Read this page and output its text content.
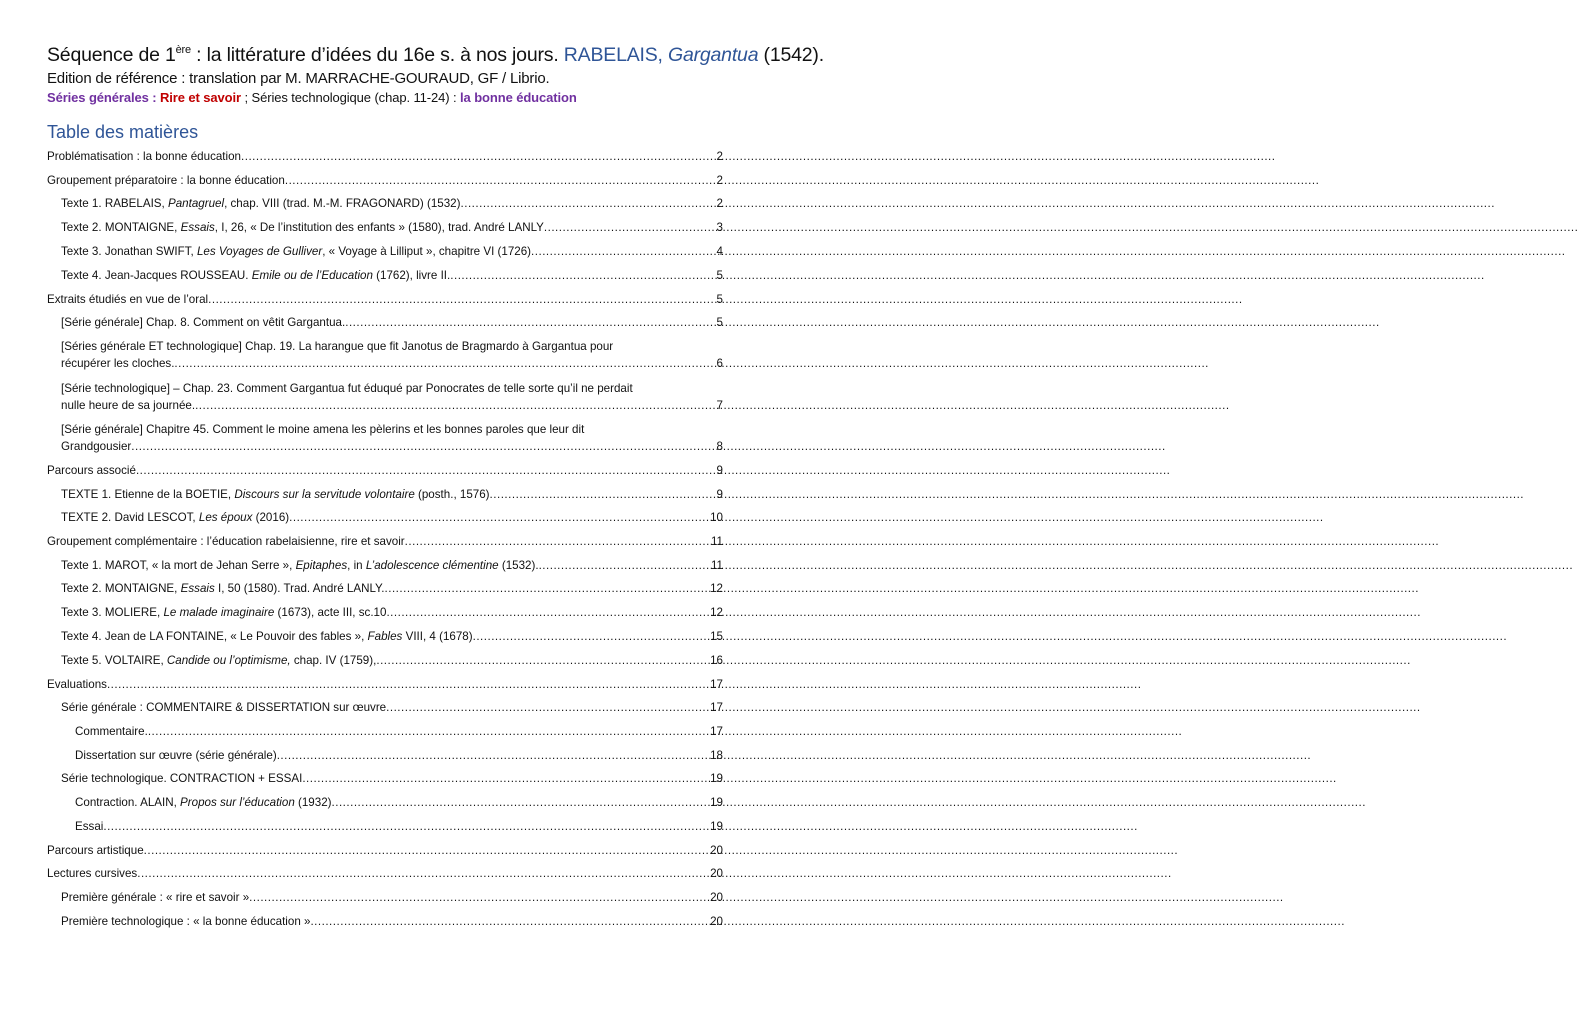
Séquence de 1ère : la littérature d’idées du 16e s. à nos jours. RABELAIS, Gargantua (1542).
Edition de référence : translation par M. MARRACHE-GOURAUD, GF / Librio.
Séries générales : Rire et savoir ; Séries technologique (chap. 11-24) : la bonne éducation
Table des matières
Problématisation : la bonne éducation .....	2
Groupement préparatoire : la bonne éducation .....	2
Texte 1. RABELAIS, Pantagruel, chap. VIII (trad. M.-M. FRAGONARD) (1532) .....	2
Texte 2. MONTAIGNE, Essais, I, 26, « De l’institution des enfants » (1580), trad. André LANLY .....	3
Texte 3. Jonathan SWIFT, Les Voyages de Gulliver, « Voyage à Lilliput », chapitre VI (1726) .....	4
Texte 4. Jean-Jacques ROUSSEAU. Emile ou de l’Education (1762), livre II. .....	5
Extraits étudiés en vue de l’oral .....	5
[Série générale] Chap. 8. Comment on vêtit Gargantua. .....	5
[Séries générale ET technologique] Chap. 19. La harangue que fit Janotus de Bragmardo à Gargantua pour
récupérer les cloches. .....	6
[Série technologique] – Chap. 23. Comment Gargantua fut éduqué par Ponocrates de telle sorte qu’il ne perdait
nulle heure de sa journée. .....	7
[Série générale] Chapitre 45. Comment le moine amena les pèlerins et les bonnes paroles que leur dit
Grandgousier .....	8
Parcours associé .....	9
TEXTE 1. Etienne de la BOETIE, Discours sur la servitude volontaire (posth., 1576) .....	9
TEXTE 2. David LESCOT, Les époux (2016) .....	10
Groupement complémentaire : l’éducation rabelaisienne, rire et savoir .....	11
Texte 1. MAROT, « la mort de Jehan Serre », Epitaphes, in L’adolescence clémentine (1532). .....	11
Texte 2. MONTAIGNE, Essais I, 50 (1580). Trad. André LANLY. .....	12
Texte 3. MOLIERE, Le malade imaginaire (1673), acte III, sc.10 .....	12
Texte 4. Jean de LA FONTAINE, « Le Pouvoir des fables », Fables VIII, 4 (1678) .....	15
Texte 5. VOLTAIRE, Candide ou l’optimisme, chap. IV (1759), .....	16
Evaluations .....	17
Série générale : COMMENTAIRE & DISSERTATION sur œuvre .....	17
Commentaire. .....	17
Dissertation sur œuvre (série générale) .....	18
Série technologique. CONTRACTION + ESSAI .....	19
Contraction. ALAIN, Propos sur l’éducation (1932) .....	19
Essai .....	19
Parcours artistique .....	20
Lectures cursives .....	20
Première générale : « rire et savoir » .....	20
Première technologique : « la bonne éducation » .....	20
